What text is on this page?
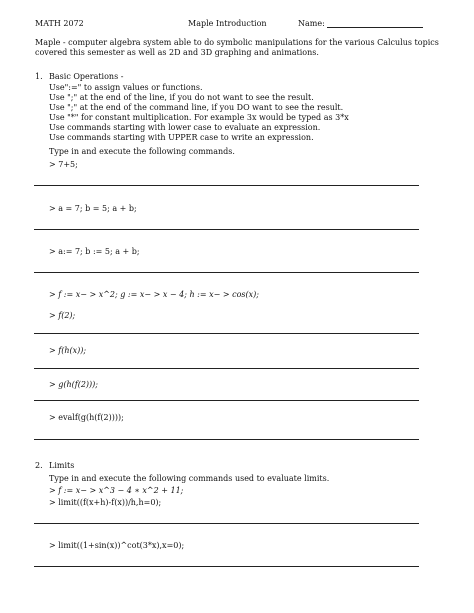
MATH 2072	Maple Introduction	Name:
Maple - computer algebra system able to do symbolic manipulations for the various Calculus topics covered this semester as well as 2D and 3D graphing and animations.
1. Basic Operations -
Use":=" to assign values or functions.
Use ";" at the end of the line, if you do not want to see the result.
Use ";" at the end of the command line, if you DO want to see the result.
Use "*" for constant multiplication. For example 3x would be typed as 3*x
Use commands starting with lower case to evaluate an expression.
Use commands starting with UPPER case to write an expression.
Type in and execute the following commands.
> 7+5;
> a = 7; b = 5; a + b;
> a:= 7; b := 5; a + b;
> f := x− > x^2; g := x− > x − 4; h := x− > cos(x);
> f(2);
> f(h(x));
> g(h(f(2)));
> evalf(g(h(f(2))));
2. Limits
Type in and execute the following commands used to evaluate limits.
> f := x− > x^3 − 4 ∗ x^2 + 11;
> limit((f(x+h)-f(x))/h,h=0);
> limit((1+sin(x))^cot(3*x),x=0);
